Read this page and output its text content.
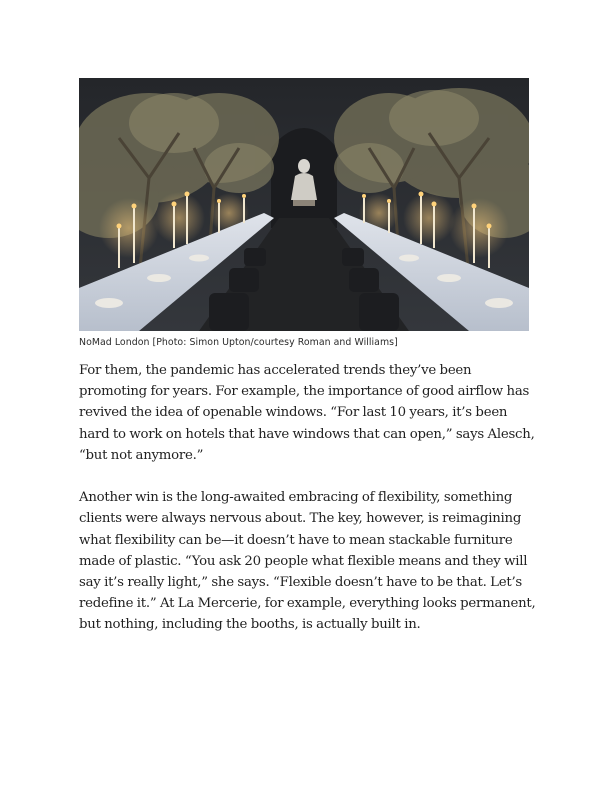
NoMad London [Photo: Simon Upton/courtesy Roman and Williams]

For them, the pandemic has accelerated trends they’ve been promoting for years. For example, the importance of good airflow has revived the idea of openable windows. “For last 10 years, it’s been hard to work on hotels that have windows that can open,” says Alesch, “but not anymore.”

Another win is the long-awaited embracing of flexibility, something clients were always nervous about. The key, however, is reimagining what flexibility can be—it doesn’t have to mean stackable furniture made of plastic. “You ask 20 people what flexible means and they will say it’s really light,” she says. “Flexible doesn’t have to be that. Let’s redefine it.” At La Mercerie, for example, everything looks permanent, but nothing, including the booths, is actually built in.
